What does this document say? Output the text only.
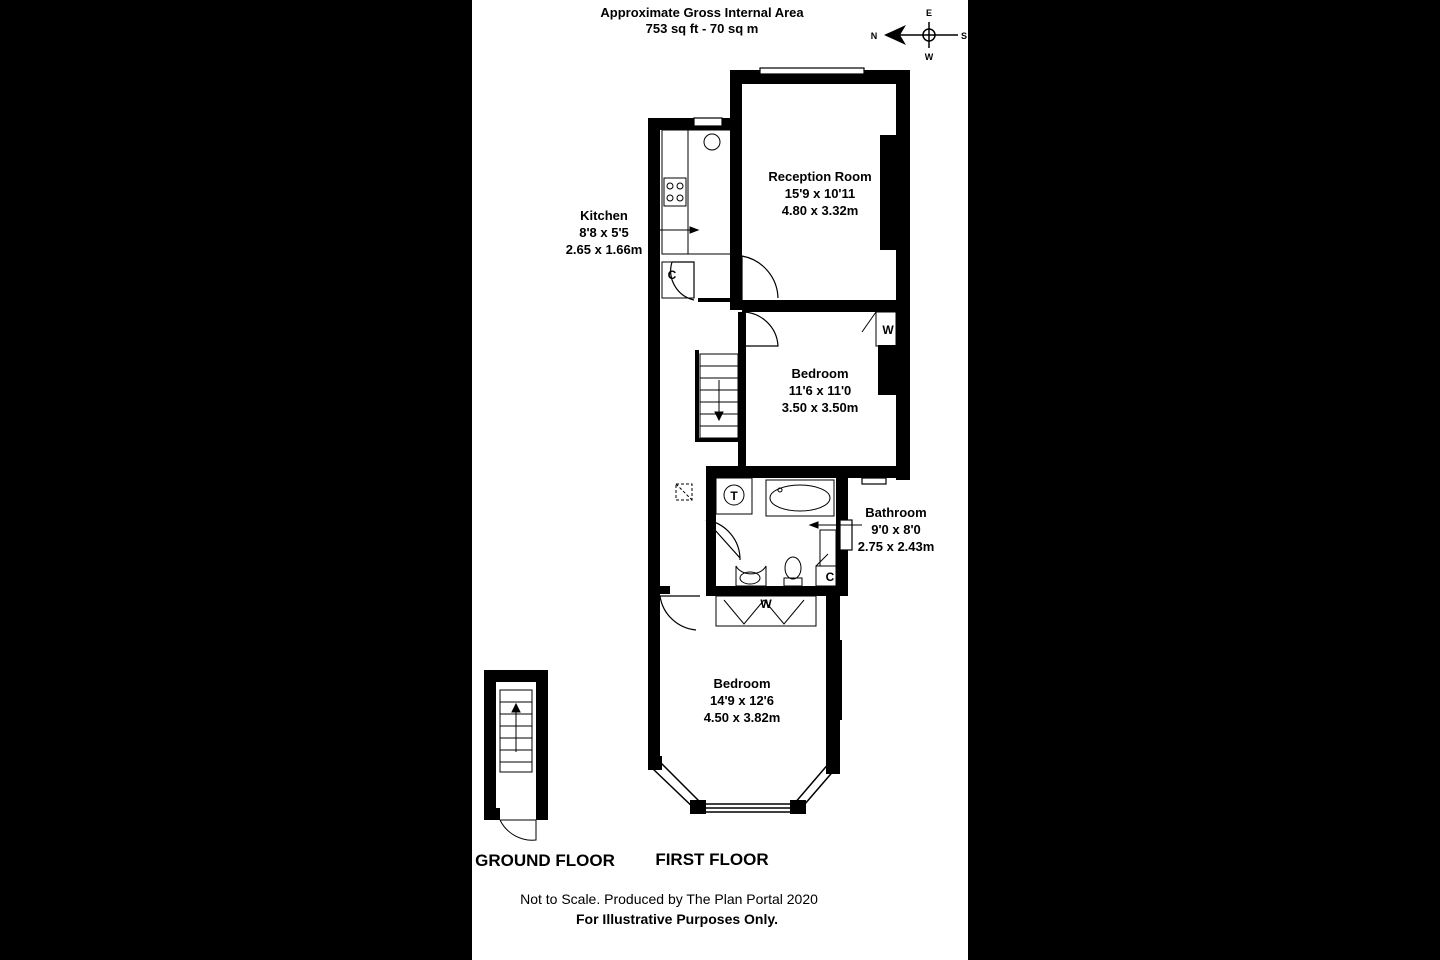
Approximate Gross Internal Area
753 sq ft - 70 sq m
E
W
N	S
Reception Room
15'9 x 10'11
4.80 x 3.32m
Kitchen
8'8 x 5'5
2.65 x 1.66m
Bedroom
11'6 x 11'0
3.50 x 3.50m
Bathroom
9'0 x 8'0
2.75 x 2.43m
Bedroom
14'9 x 12'6
4.50 x 3.82m
C
W
T
C
W
GROUND FLOOR FIRST FLOOR
Not to Scale. Produced by The Plan Portal 2020
For Illustrative Purposes Only.
